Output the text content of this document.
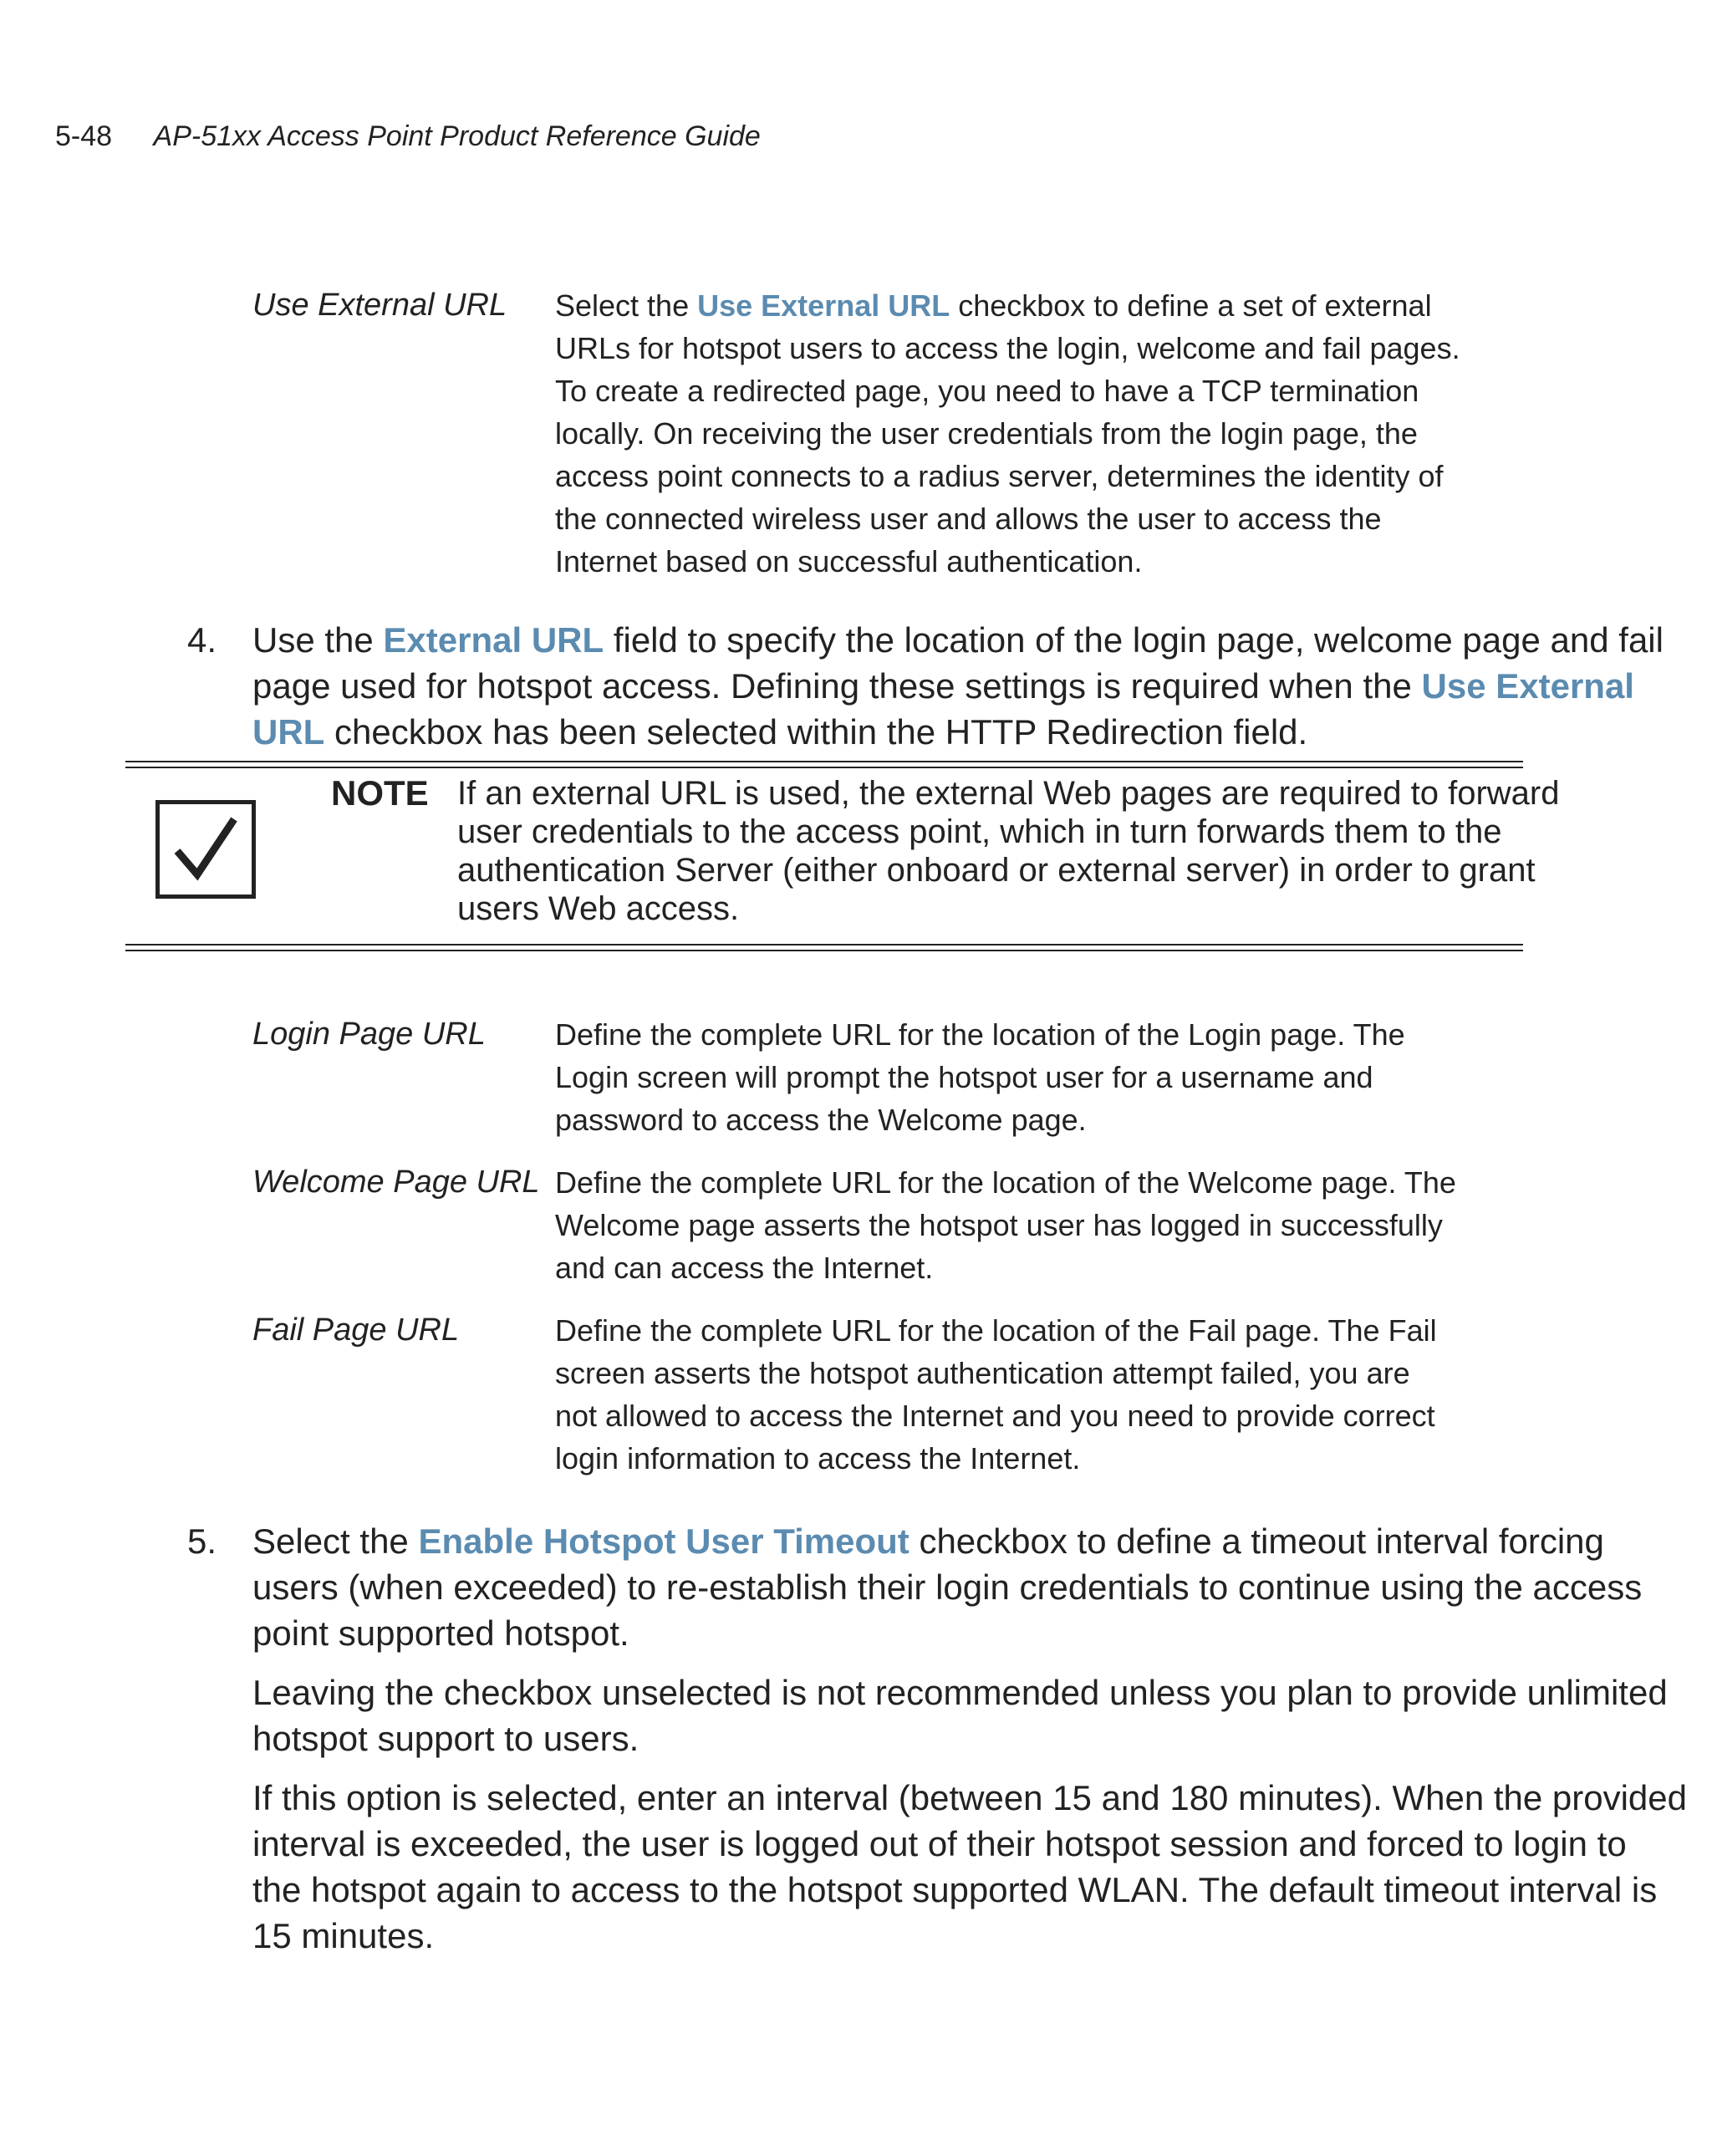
5-48 AP-51xx Access Point Product Reference Guide
Use External URL Select the Use External URL checkbox to define a set of external
URLs for hotspot users to access the login, welcome and fail pages.
To create a redirected page, you need to have a TCP termination
locally. On receiving the user credentials from the login page, the
access point connects to a radius server, determines the identity of
the connected wireless user and allows the user to access the
Internet based on successful authentication.
4. Use the External URL field to specify the location of the login page, welcome page and fail
page used for hotspot access. Defining these settings is required when the Use External
URL checkbox has been selected within the HTTP Redirection field.
NOTE If an external URL is used, the external Web pages are required to forward
user credentials to the access point, which in turn forwards them to the
authentication Server (either onboard or external server) in order to grant
users Web access.
Login Page URL Define the complete URL for the location of the Login page. The
Login screen will prompt the hotspot user for a username and
password to access the Welcome page.
Welcome Page URL Define the complete URL for the location of the Welcome page. The
Welcome page asserts the hotspot user has logged in successfully
and can access the Internet.
Fail Page URL	Define the complete URL for the location of the Fail page. The Fail
screen asserts the hotspot authentication attempt failed, you are
not allowed to access the Internet and you need to provide correct
login information to access the Internet.
5. Select the Enable Hotspot User Timeout checkbox to define a timeout interval forcing
users (when exceeded) to re-establish their login credentials to continue using the access
point supported hotspot.

Leaving the checkbox unselected is not recommended unless you plan to provide unlimited
hotspot support to users.

If this option is selected, enter an interval (between 15 and 180 minutes). When the provided
interval is exceeded, the user is logged out of their hotspot session and forced to login to
the hotspot again to access to the hotspot supported WLAN. The default timeout interval is
15 minutes.
